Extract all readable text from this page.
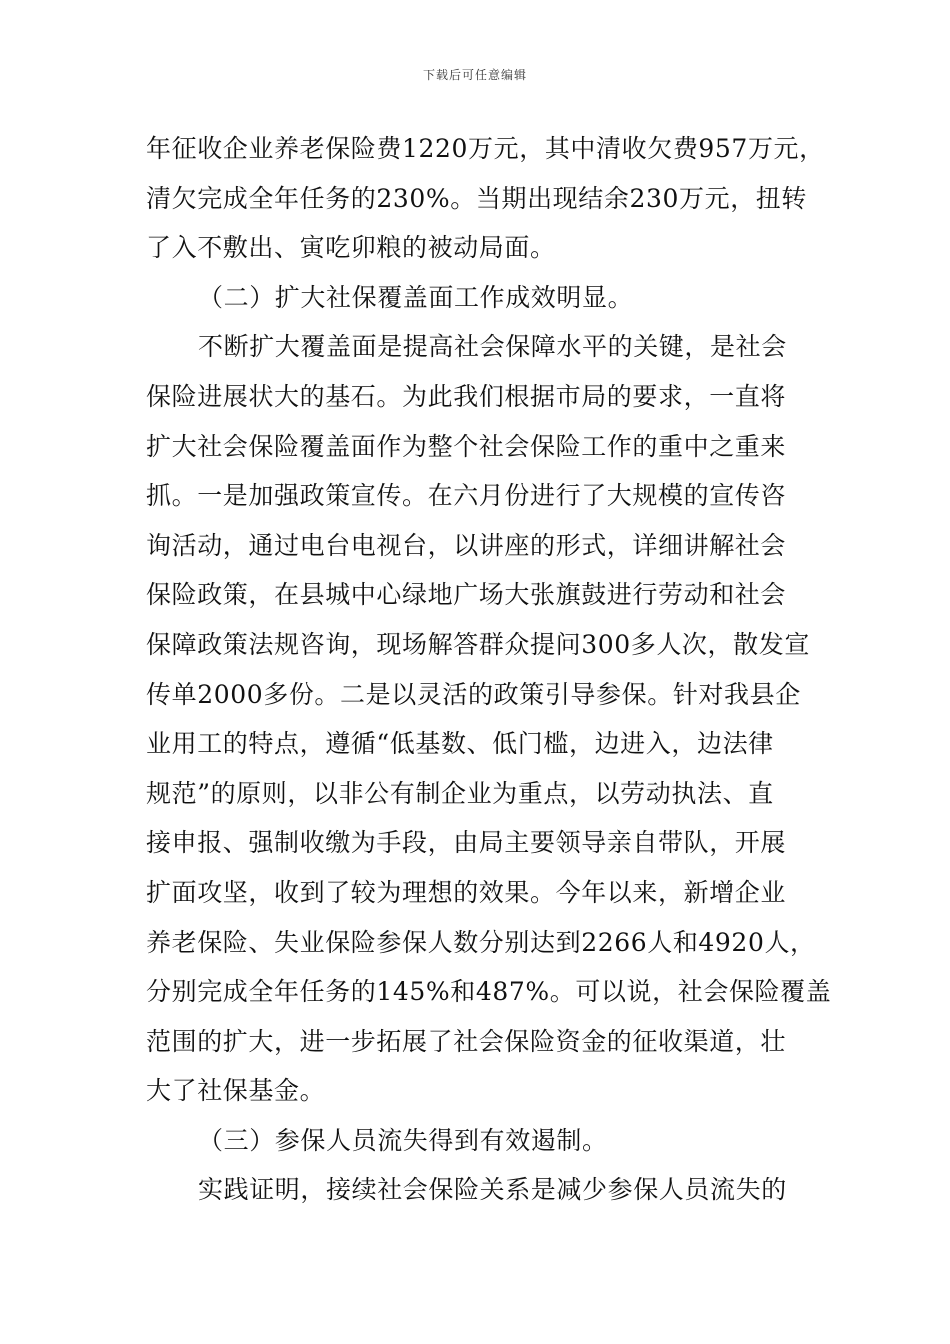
下载后可任意编辑
年征收企业养老保险费1220万元，其中清收欠费957万元，
清欠完成全年任务的230%。当期出现结余230万元，扭转
了入不敷出、寅吃卯粮的被动局面。
（二）扩大社保覆盖面工作成效明显。
不断扩大覆盖面是提高社会保障水平的关键，是社会
保险进展状大的基石。为此我们根据市局的要求，一直将
扩大社会保险覆盖面作为整个社会保险工作的重中之重来
抓。一是加强政策宣传。在六月份进行了大规模的宣传咨
询活动，通过电台电视台，以讲座的形式，详细讲解社会
保险政策，在县城中心绿地广场大张旗鼓进行劳动和社会
保障政策法规咨询，现场解答群众提问300多人次，散发宣
传单2000多份。二是以灵活的政策引导参保。针对我县企
业用工的特点，遵循“低基数、低门槛，边进入，边法律
规范”的原则，以非公有制企业为重点，以劳动执法、直
接申报、强制收缴为手段，由局主要领导亲自带队，开展
扩面攻坚，收到了较为理想的效果。今年以来，新增企业
养老保险、失业保险参保人数分别达到2266人和4920人，
分别完成全年任务的145%和487%。可以说，社会保险覆盖
范围的扩大，进一步拓展了社会保险资金的征收渠道，壮
大了社保基金。
（三）参保人员流失得到有效遏制。
实践证明，接续社会保险关系是减少参保人员流失的
